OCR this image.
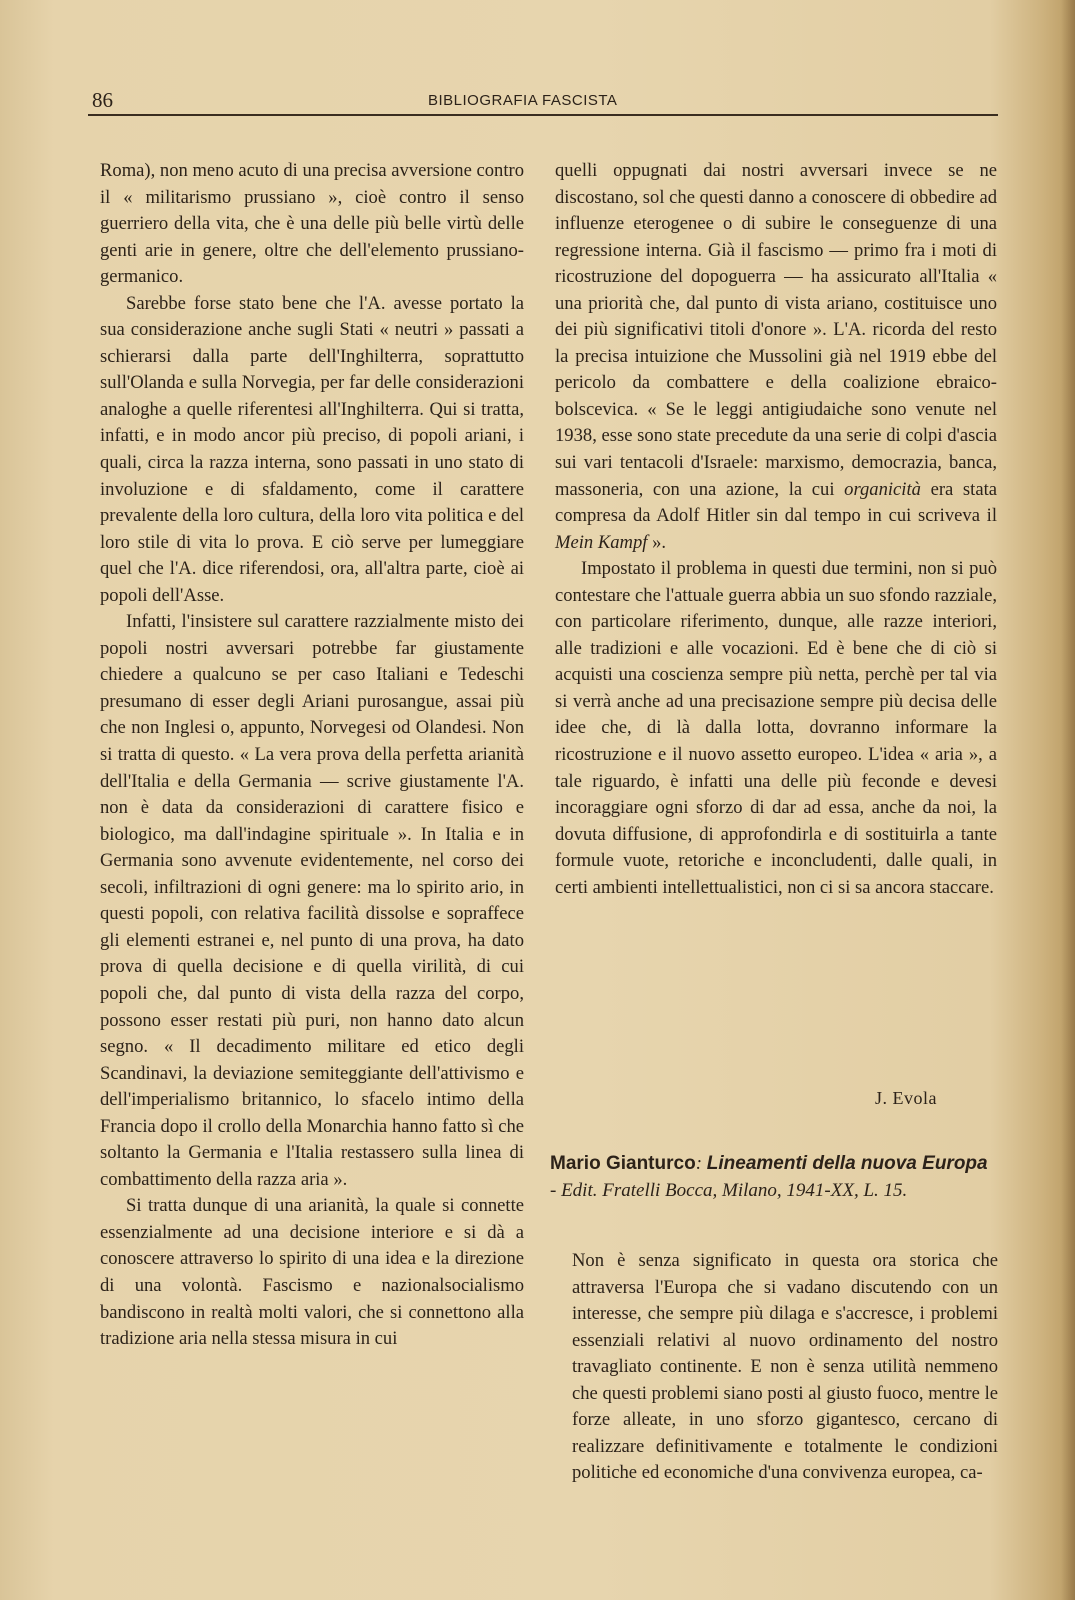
86	BIBLIOGRAFIA FASCISTA

Roma), non meno acuto di una precisa avversione contro il « militarismo prussiano », cioè contro il senso guerriero della vita, che è una delle più belle virtù delle genti arie in genere, oltre che dell'elemento prussiano-germanico.

Sarebbe forse stato bene che l'A. avesse portato la sua considerazione anche sugli Stati « neutri » passati a schierarsi dalla parte dell'Inghilterra, soprattutto sull'Olanda e sulla Norvegia, per far delle considerazioni analoghe a quelle riferentesi all'Inghilterra. Qui si tratta, infatti, e in modo ancor più preciso, di popoli ariani, i quali, circa la razza interna, sono passati in uno stato di involuzione e di sfaldamento, come il carattere prevalente della loro cultura, della loro vita politica e del loro stile di vita lo prova. E ciò serve per lumeggiare quel che l'A. dice riferendosi, ora, all'altra parte, cioè ai popoli dell'Asse.

Infatti, l'insistere sul carattere razzialmente misto dei popoli nostri avversari potrebbe far giustamente chiedere a qualcuno se per caso Italiani e Tedeschi presumano di esser degli Ariani purosangue, assai più che non Inglesi o, appunto, Norvegesi od Olandesi. Non si tratta di questo. « La vera prova della perfetta arianità dell'Italia e della Germania — scrive giustamente l'A. non è data da considerazioni di carattere fisico e biologico, ma dall'indagine spirituale ». In Italia e in Germania sono avvenute evidentemente, nel corso dei secoli, infiltrazioni di ogni genere: ma lo spirito ario, in questi popoli, con relativa facilità dissolse e sopraffece gli elementi estranei e, nel punto di una prova, ha dato prova di quella decisione e di quella virilità, di cui popoli che, dal punto di vista della razza del corpo, possono esser restati più puri, non hanno dato alcun segno. « Il decadimento militare ed etico degli Scandinavi, la deviazione semiteggiante dell'attivismo e dell'imperialismo britannico, lo sfacelo intimo della Francia dopo il crollo della Monarchia hanno fatto sì che soltanto la Germania e l'Italia restassero sulla linea di combattimento della razza aria ».

Si tratta dunque di una arianità, la quale si connette essenzialmente ad una decisione interiore e si dà a conoscere attraverso lo spirito di una idea e la direzione di una volontà. Fascismo e nazionalsocialismo bandiscono in realtà molti valori, che si connettono alla tradizione aria nella stessa misura in cui

quelli oppugnati dai nostri avversari invece se ne discostano, sol che questi danno a conoscere di obbedire ad influenze eterogenee o di subire le conseguenze di una regressione interna. Già il fascismo — primo fra i moti di ricostruzione del dopoguerra — ha assicurato all'Italia « una priorità che, dal punto di vista ariano, costituisce uno dei più significativi titoli d'onore ». L'A. ricorda del resto la precisa intuizione che Mussolini già nel 1919 ebbe del pericolo da combattere e della coalizione ebraico-bolscevica. « Se le leggi antigiudaiche sono venute nel 1938, esse sono state precedute da una serie di colpi d'ascia sui vari tentacoli d'Israele: marxismo, democrazia, banca, massoneria, con una azione, la cui organicità era stata compresa da Adolf Hitler sin dal tempo in cui scriveva il Mein Kampf ».

Impostato il problema in questi due termini, non si può contestare che l'attuale guerra abbia un suo sfondo razziale, con particolare riferimento, dunque, alle razze interiori, alle tradizioni e alle vocazioni. Ed è bene che di ciò si acquisti una coscienza sempre più netta, perchè per tal via si verrà anche ad una precisazione sempre più decisa delle idee che, di là dalla lotta, dovranno informare la ricostruzione e il nuovo assetto europeo. L'idea « aria », a tale riguardo, è infatti una delle più feconde e devesi incoraggiare ogni sforzo di dar ad essa, anche da noi, la dovuta diffusione, di approfondirla e di sostituirla a tante formule vuote, retoriche e inconcludenti, dalle quali, in certi ambienti intellettualistici, non ci si sa ancora staccare.

J. Evola
Mario Gianturco: Lineamenti della nuova Europa - Edit. Fratelli Bocca, Milano, 1941-XX, L. 15.

Non è senza significato in questa ora storica che attraversa l'Europa che si vadano discutendo con un interesse, che sempre più dilaga e s'accresce, i problemi essenziali relativi al nuovo ordinamento del nostro travagliato continente. E non è senza utilità nemmeno che questi problemi siano posti al giusto fuoco, mentre le forze alleate, in uno sforzo gigantesco, cercano di realizzare definitivamente e totalmente le condizioni politiche ed economiche d'una convivenza europea, ca-
